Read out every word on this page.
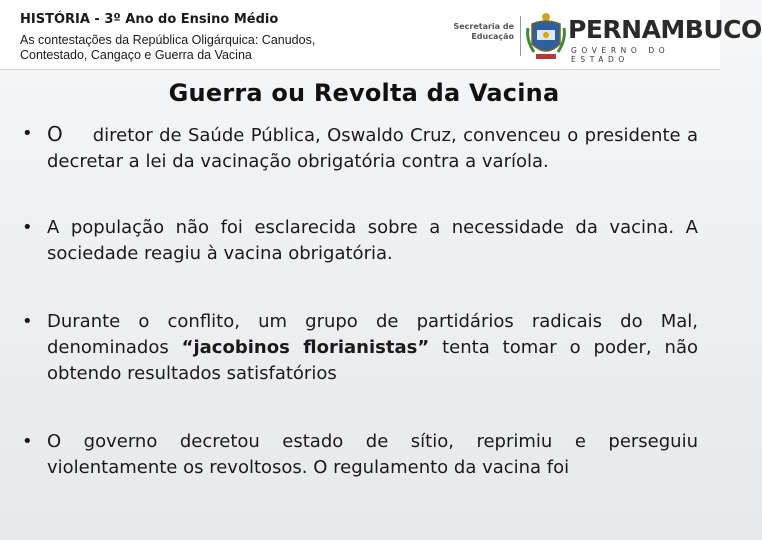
HISTÓRIA - 3º Ano do Ensino Médio
As contestações da República Oligárquica: Canudos, Contestado, Cangaço e Guerra da Vacina
Secretaria de Educação PERNAMBUCO
GOVERNO DO ESTADO
Guerra ou Revolta da Vacina
• O diretor de Saúde Pública, Oswaldo Cruz, convenceu o presidente a decretar a lei da vacinação obrigatória contra a varíola.
• A população não foi esclarecida sobre a necessidade da vacina. A sociedade reagiu à vacina obrigatória.
• Durante o conflito, um grupo de partidários radicais do Mal, denominados “jacobinos florianistas” tenta tomar o poder, não obtendo resultados satisfatórios
• O governo decretou estado de sítio, reprimiu e perseguiu violentamente os revoltosos. O regulamento da vacina foi
